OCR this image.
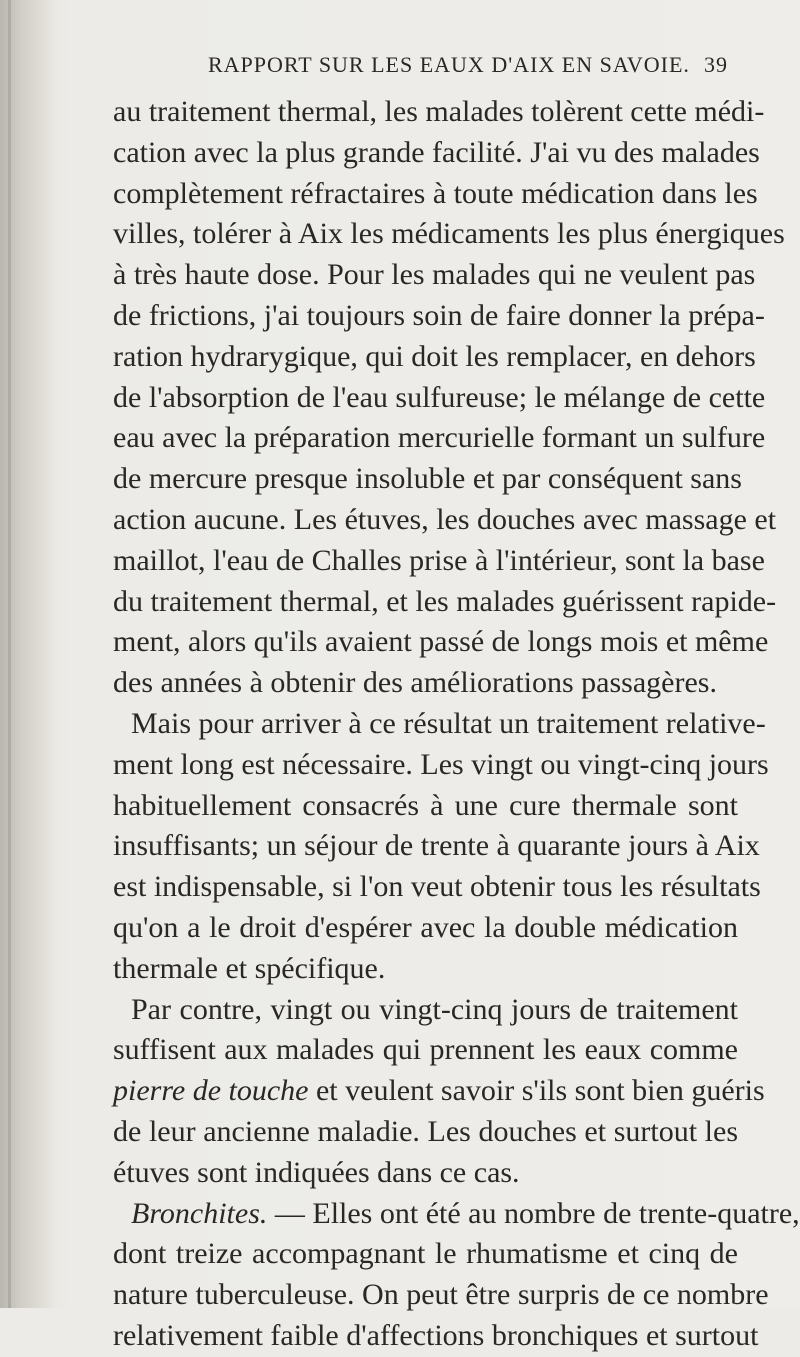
RAPPORT SUR LES EAUX D'AIX EN SAVOIE. 39
au traitement thermal, les malades tolèrent cette médi-
cation avec la plus grande facilité. J'ai vu des malades
complètement réfractaires à toute médication dans les
villes, tolérer à Aix les médicaments les plus énergiques
à très haute dose. Pour les malades qui ne veulent pas
de frictions, j'ai toujours soin de faire donner la prépa-
ration hydrarygique, qui doit les remplacer, en dehors
de l'absorption de l'eau sulfureuse; le mélange de cette
eau avec la préparation mercurielle formant un sulfure
de mercure presque insoluble et par conséquent sans
action aucune. Les étuves, les douches avec massage et
maillot, l'eau de Challes prise à l'intérieur, sont la base
du traitement thermal, et les malades guérissent rapide-
ment, alors qu'ils avaient passé de longs mois et même
des années à obtenir des améliorations passagères.
Mais pour arriver à ce résultat un traitement relative-
ment long est nécessaire. Les vingt ou vingt-cinq jours
habituellement consacrés à une cure thermale sont
insuffisants; un séjour de trente à quarante jours à Aix
est indispensable, si l'on veut obtenir tous les résultats
qu'on a le droit d'espérer avec la double médication
thermale et spécifique.
Par contre, vingt ou vingt-cinq jours de traitement
suffisent aux malades qui prennent les eaux comme
pierre de touche et veulent savoir s'ils sont bien guéris
de leur ancienne maladie. Les douches et surtout les
étuves sont indiquées dans ce cas.
Bronchites. — Elles ont été au nombre de trente-quatre,
dont treize accompagnant le rhumatisme et cinq de
nature tuberculeuse. On peut être surpris de ce nombre
relativement faible d'affections bronchiques et surtout
